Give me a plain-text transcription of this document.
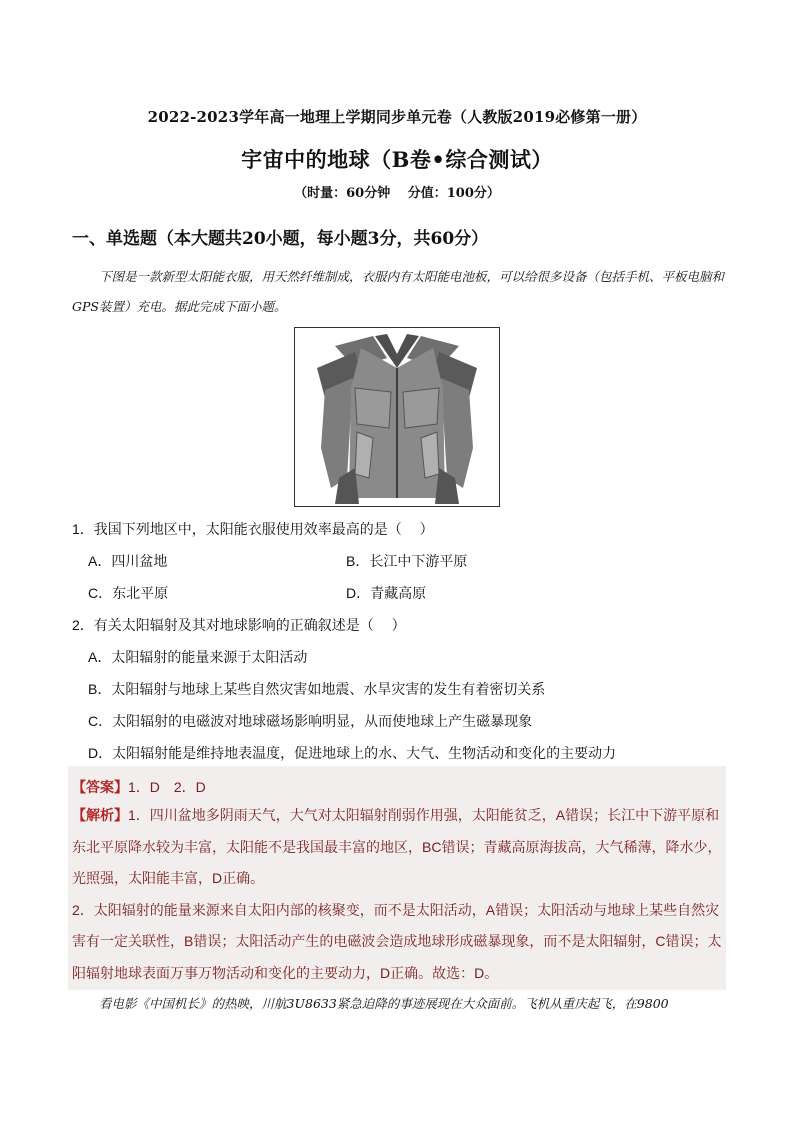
2022-2023学年高一地理上学期同步单元卷（人教版2019必修第一册）
宇宙中的地球（B卷•综合测试）
（时量：60分钟　 分值：100分）
一、单选题（本大题共20小题，每小题3分，共60分）
下图是一款新型太阳能衣服，用天然纤维制成，衣服内有太阳能电池板，可以给很多设备（包括手机、平板电脑和GPS装置）充电。据此完成下面小题。
1．我国下列地区中，太阳能衣服使用效率最高的是（　 ）
A．四川盆地	B．长江中下游平原
C．东北平原	D．青藏高原
2．有关太阳辐射及其对地球影响的正确叙述是（　 ）
A．太阳辐射的能量来源于太阳活动
B．太阳辐射与地球上某些自然灾害如地震、水旱灾害的发生有着密切关系
C．太阳辐射的电磁波对地球磁场影响明显，从而使地球上产生磁暴现象
D．太阳辐射能是维持地表温度，促进地球上的水、大气、生物活动和变化的主要动力
【答案】1．D　2．D

【解析】1．四川盆地多阴雨天气，大气对太阳辐射削弱作用强，太阳能贫乏，A错误；长江中下游平原和东北平原降水较为丰富，太阳能不是我国最丰富的地区，BC错误；青藏高原海拔高，大气稀薄，降水少，光照强，太阳能丰富，D正确。

2．太阳辐射的能量来源来自太阳内部的核聚变，而不是太阳活动，A错误；太阳活动与地球上某些自然灾害有一定关联性，B错误；太阳活动产生的电磁波会造成地球形成磁暴现象，而不是太阳辐射，C错误；太阳辐射地球表面万事万物活动和变化的主要动力，D正确。故选：D。

看电影《中国机长》的热映，川航3U8633紧急迫降的事迹展现在大众面前。飞机从重庆起飞，在9800
